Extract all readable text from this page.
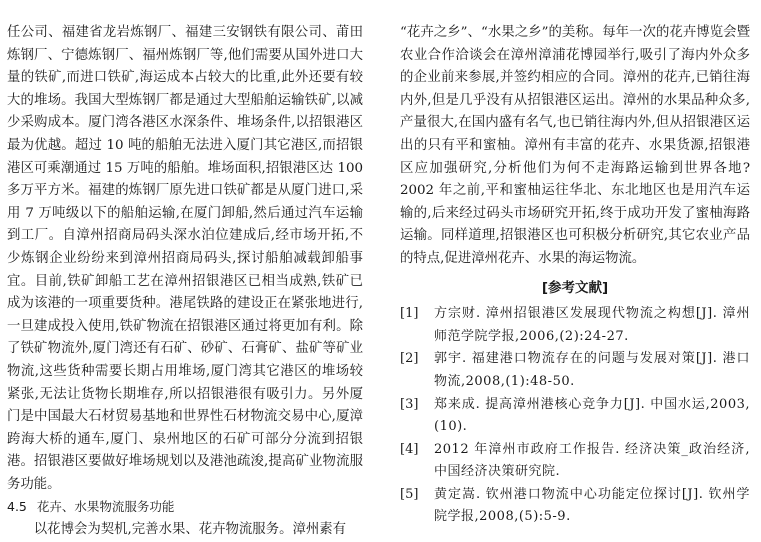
任公司、福建省龙岩炼钢厂、福建三安钢铁有限公司、莆田炼钢厂、宁德炼钢厂、福州炼钢厂等,他们需要从国外进口大量的铁矿,而进口铁矿,海运成本占较大的比重,此外还要有较大的堆场。我国大型炼钢厂都是通过大型船舶运输铁矿,以减少采购成本。厦门湾各港区水深条件、堆场条件,以招银港区最为优越。超过 10 吨的船舶无法进入厦门其它港区,而招银港区可乘潮通过 15 万吨的船舶。堆场面积,招银港区达 100 多万平方米。福建的炼钢厂原先进口铁矿都是从厦门进口,采用 7 万吨级以下的船舶运输,在厦门卸船,然后通过汽车运输到工厂。自漳州招商局码头深水泊位建成后,经市场开拓,不少炼钢企业纷纷来到漳州招商局码头,探讨船舶减载卸船事宜。目前,铁矿卸船工艺在漳州招银港区已相当成熟,铁矿已成为该港的一项重要货种。港尾铁路的建设正在紧张地进行,一旦建成投入使用,铁矿物流在招银港区通过将更加有利。除了铁矿物流外,厦门湾还有石矿、砂矿、石膏矿、盐矿等矿业物流,这些货种需要长期占用堆场,厦门湾其它港区的堆场较紧张,无法让货物长期堆存,所以招银港很有吸引力。另外厦门是中国最大石材贸易基地和世界性石材物流交易中心,厦漳跨海大桥的通车,厦门、泉州地区的石矿可部分分流到招银港。招银港区要做好堆场规划以及港池疏浚,提高矿业物流服务功能。

4.5 花卉、水果物流服务功能

以花博会为契机,完善水果、花卉物流服务。漳州素有

“花卉之乡”、“水果之乡”的美称。每年一次的花卉博览会暨农业合作洽谈会在漳州漳浦花博园举行,吸引了海内外众多的企业前来参展,并签约相应的合同。漳州的花卉,已销往海内外,但是几乎没有从招银港区运出。漳州的水果品种众多,产量很大,在国内盛有名气,也已销往海内外,但从招银港区运出的只有平和蜜柚。漳州有丰富的花卉、水果货源,招银港区应加强研究,分析他们为何不走海路运输到世界各地? 2002 年之前,平和蜜柚运往华北、东北地区也是用汽车运输的,后来经过码头市场研究开拓,终于成功开发了蜜柚海路运输。同样道理,招银港区也可积极分析研究,其它农业产品的特点,促进漳州花卉、水果的海运物流。

[参考文献]
[1]	方宗财. 漳州招银港区发展现代物流之构想[J]. 漳州师范学院学报,2006,(2):24-27.
[2]	郭宇. 福建港口物流存在的问题与发展对策[J]. 港口物流,2008,(1):48-50.
[3]	郑来成. 提高漳州港核心竞争力[J]. 中国水运,2003,(10).
[4]	2012 年漳州市政府工作报告. 经济决策_政治经济,中国经济决策研究院.
[5]	黄定嵩. 钦州港口物流中心功能定位探讨[J]. 钦州学院学报,2008,(5):5-9.
